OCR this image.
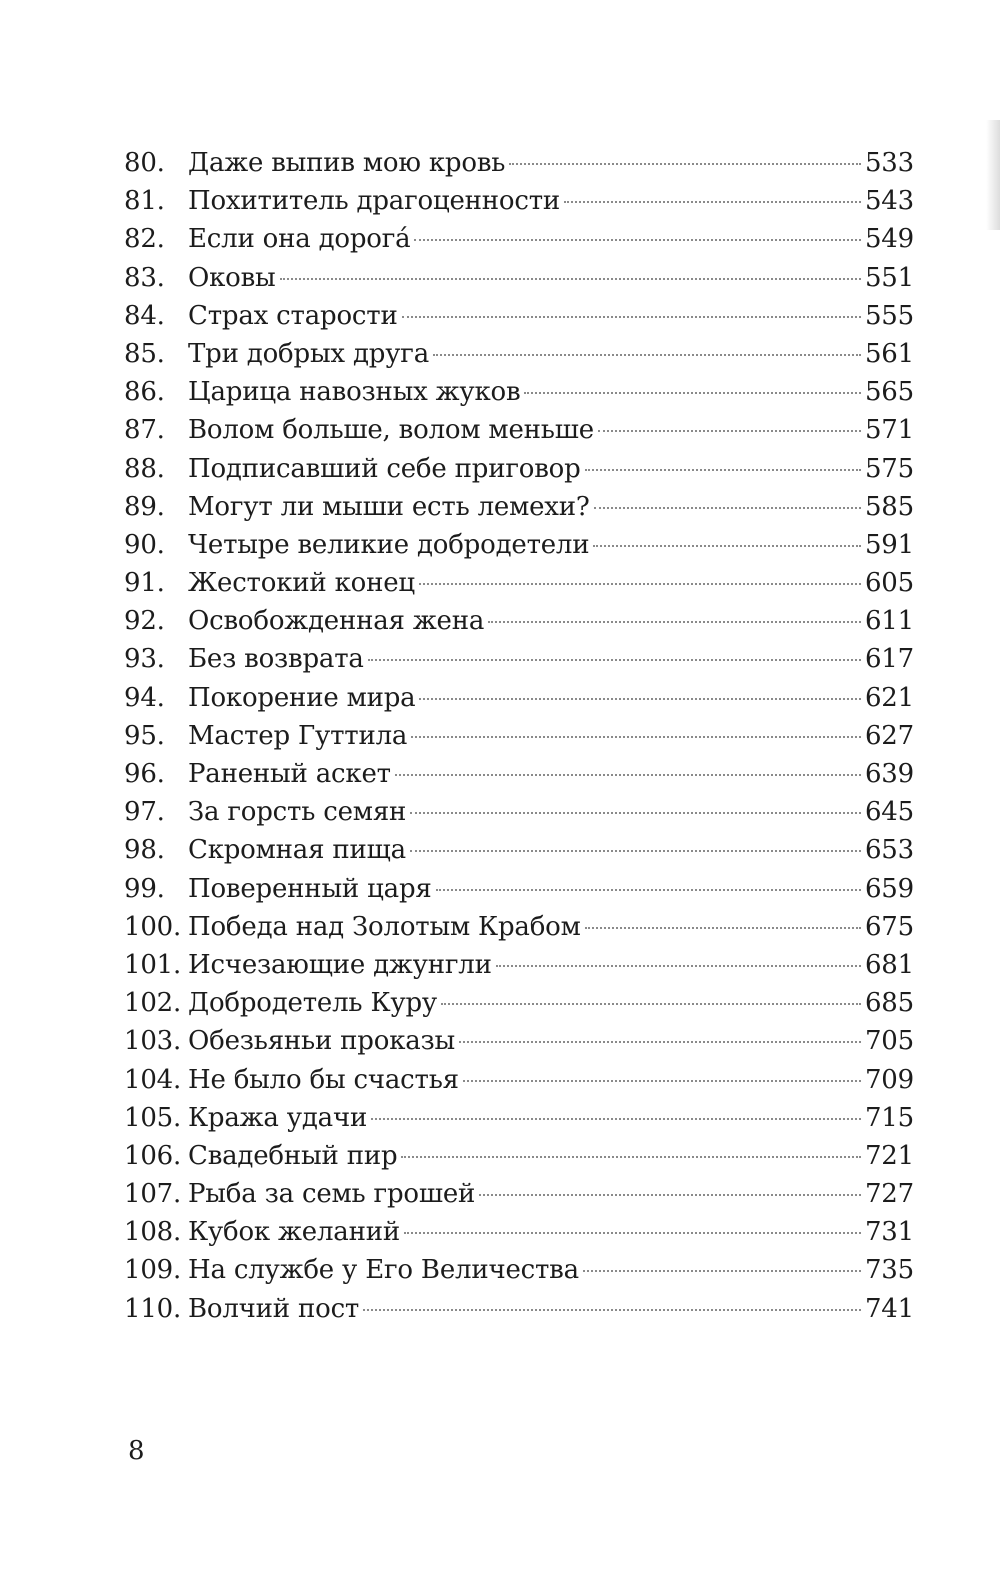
80. Даже выпив мою кровь	533
81. Похититель драгоценности	543
82. Если она дорога́	549
83. Оковы	551
84. Страх старости	555
85. Три добрых друга	561
86. Царица навозных жуков	565
87. Волом больше, волом меньше	571
88. Подписавший себе приговор	575
89. Могут ли мыши есть лемехи?	585
90. Четыре великие добродетели	591
91. Жестокий конец	605
92. Освобожденная жена	611
93. Без возврата	617
94. Покорение мира	621
95. Мастер Гуттила	627
96. Раненый аскет	639
97. За горсть семян	645
98. Скромная пища	653
99. Поверенный царя	659
100. Победа над Золотым Крабом	675
101. Исчезающие джунгли	681
102. Добродетель Куру	685
103. Обезьяньи проказы	705
104. Не было бы счастья	709
105. Кража удачи	715
106. Свадебный пир	721
107. Рыба за семь грошей	727
108. Кубок желаний	731
109. На службе у Его Величества	735
110. Волчий пост	741
8
